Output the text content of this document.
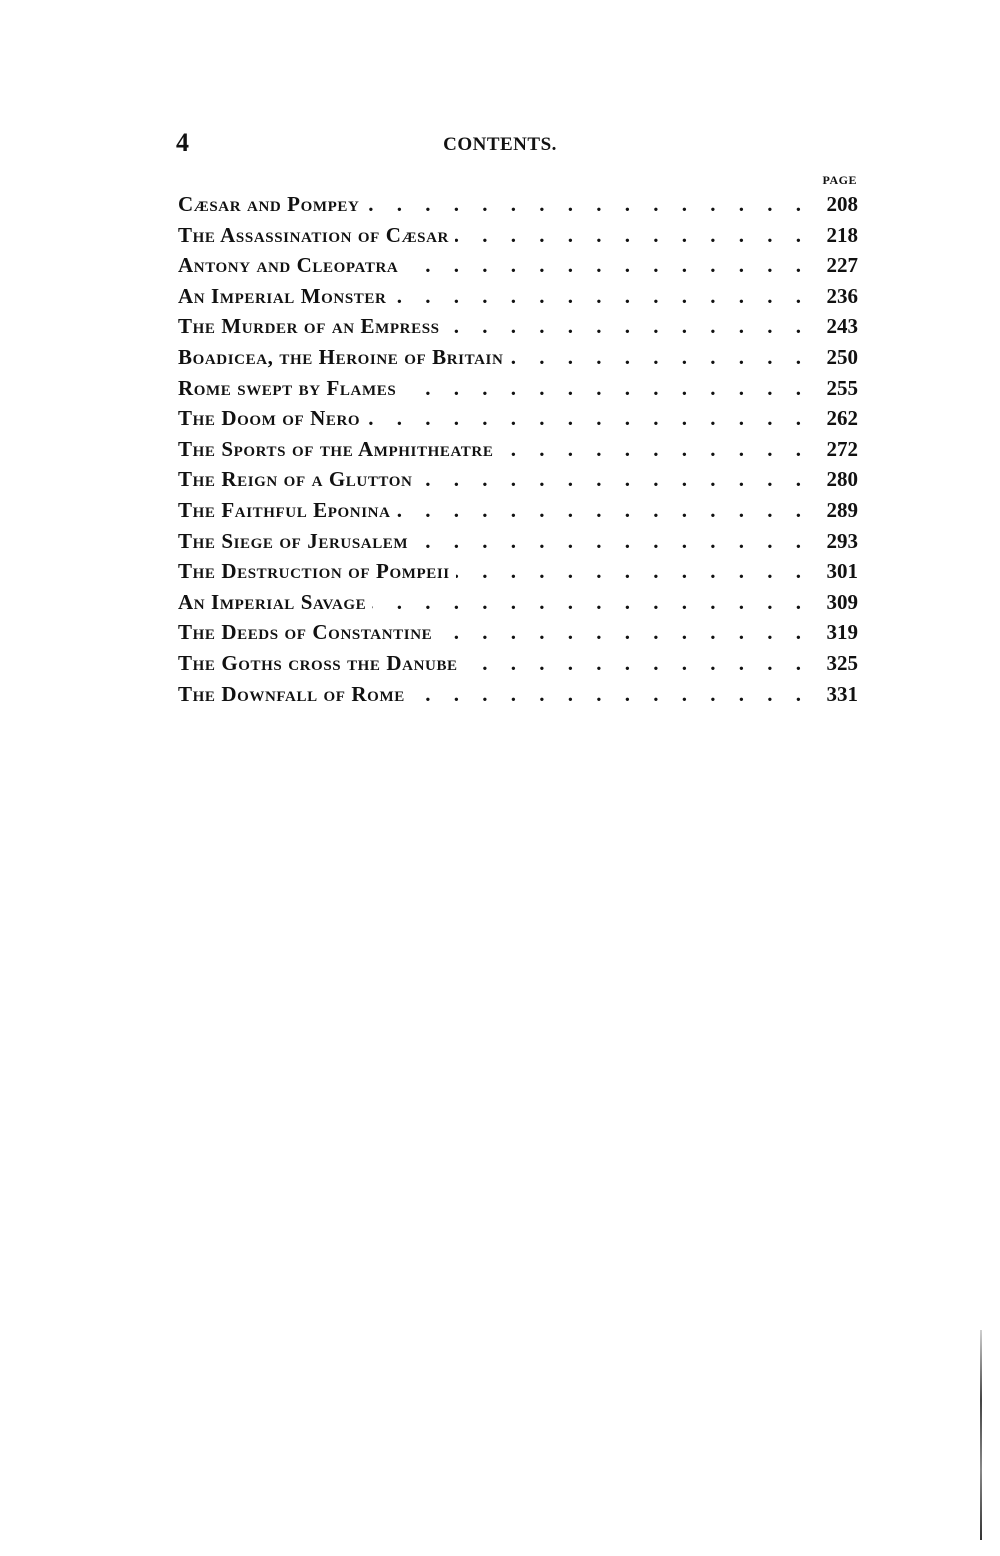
4	CONTENTS.
PAGE
Cæsar and Pompey . . .	208
The Assassination of Cæsar . . .	218
Antony and Cleopatra . . .	227
An Imperial Monster . . .	236
The Murder of an Empress . . .	243
Boadicea, the Heroine of Britain . . .	250
Rome swept by Flames . . .	255
The Doom of Nero . . .	262
The Sports of the Amphitheatre . . .	272
The Reign of a Glutton . . .	280
The Faithful Eponina . . .	289
The Siege of Jerusalem . . .	293
The Destruction of Pompeii . . .	301
An Imperial Savage . . .	309
The Deeds of Constantine . . .	319
The Goths cross the Danube . . .	325
The Downfall of Rome . . .	331
